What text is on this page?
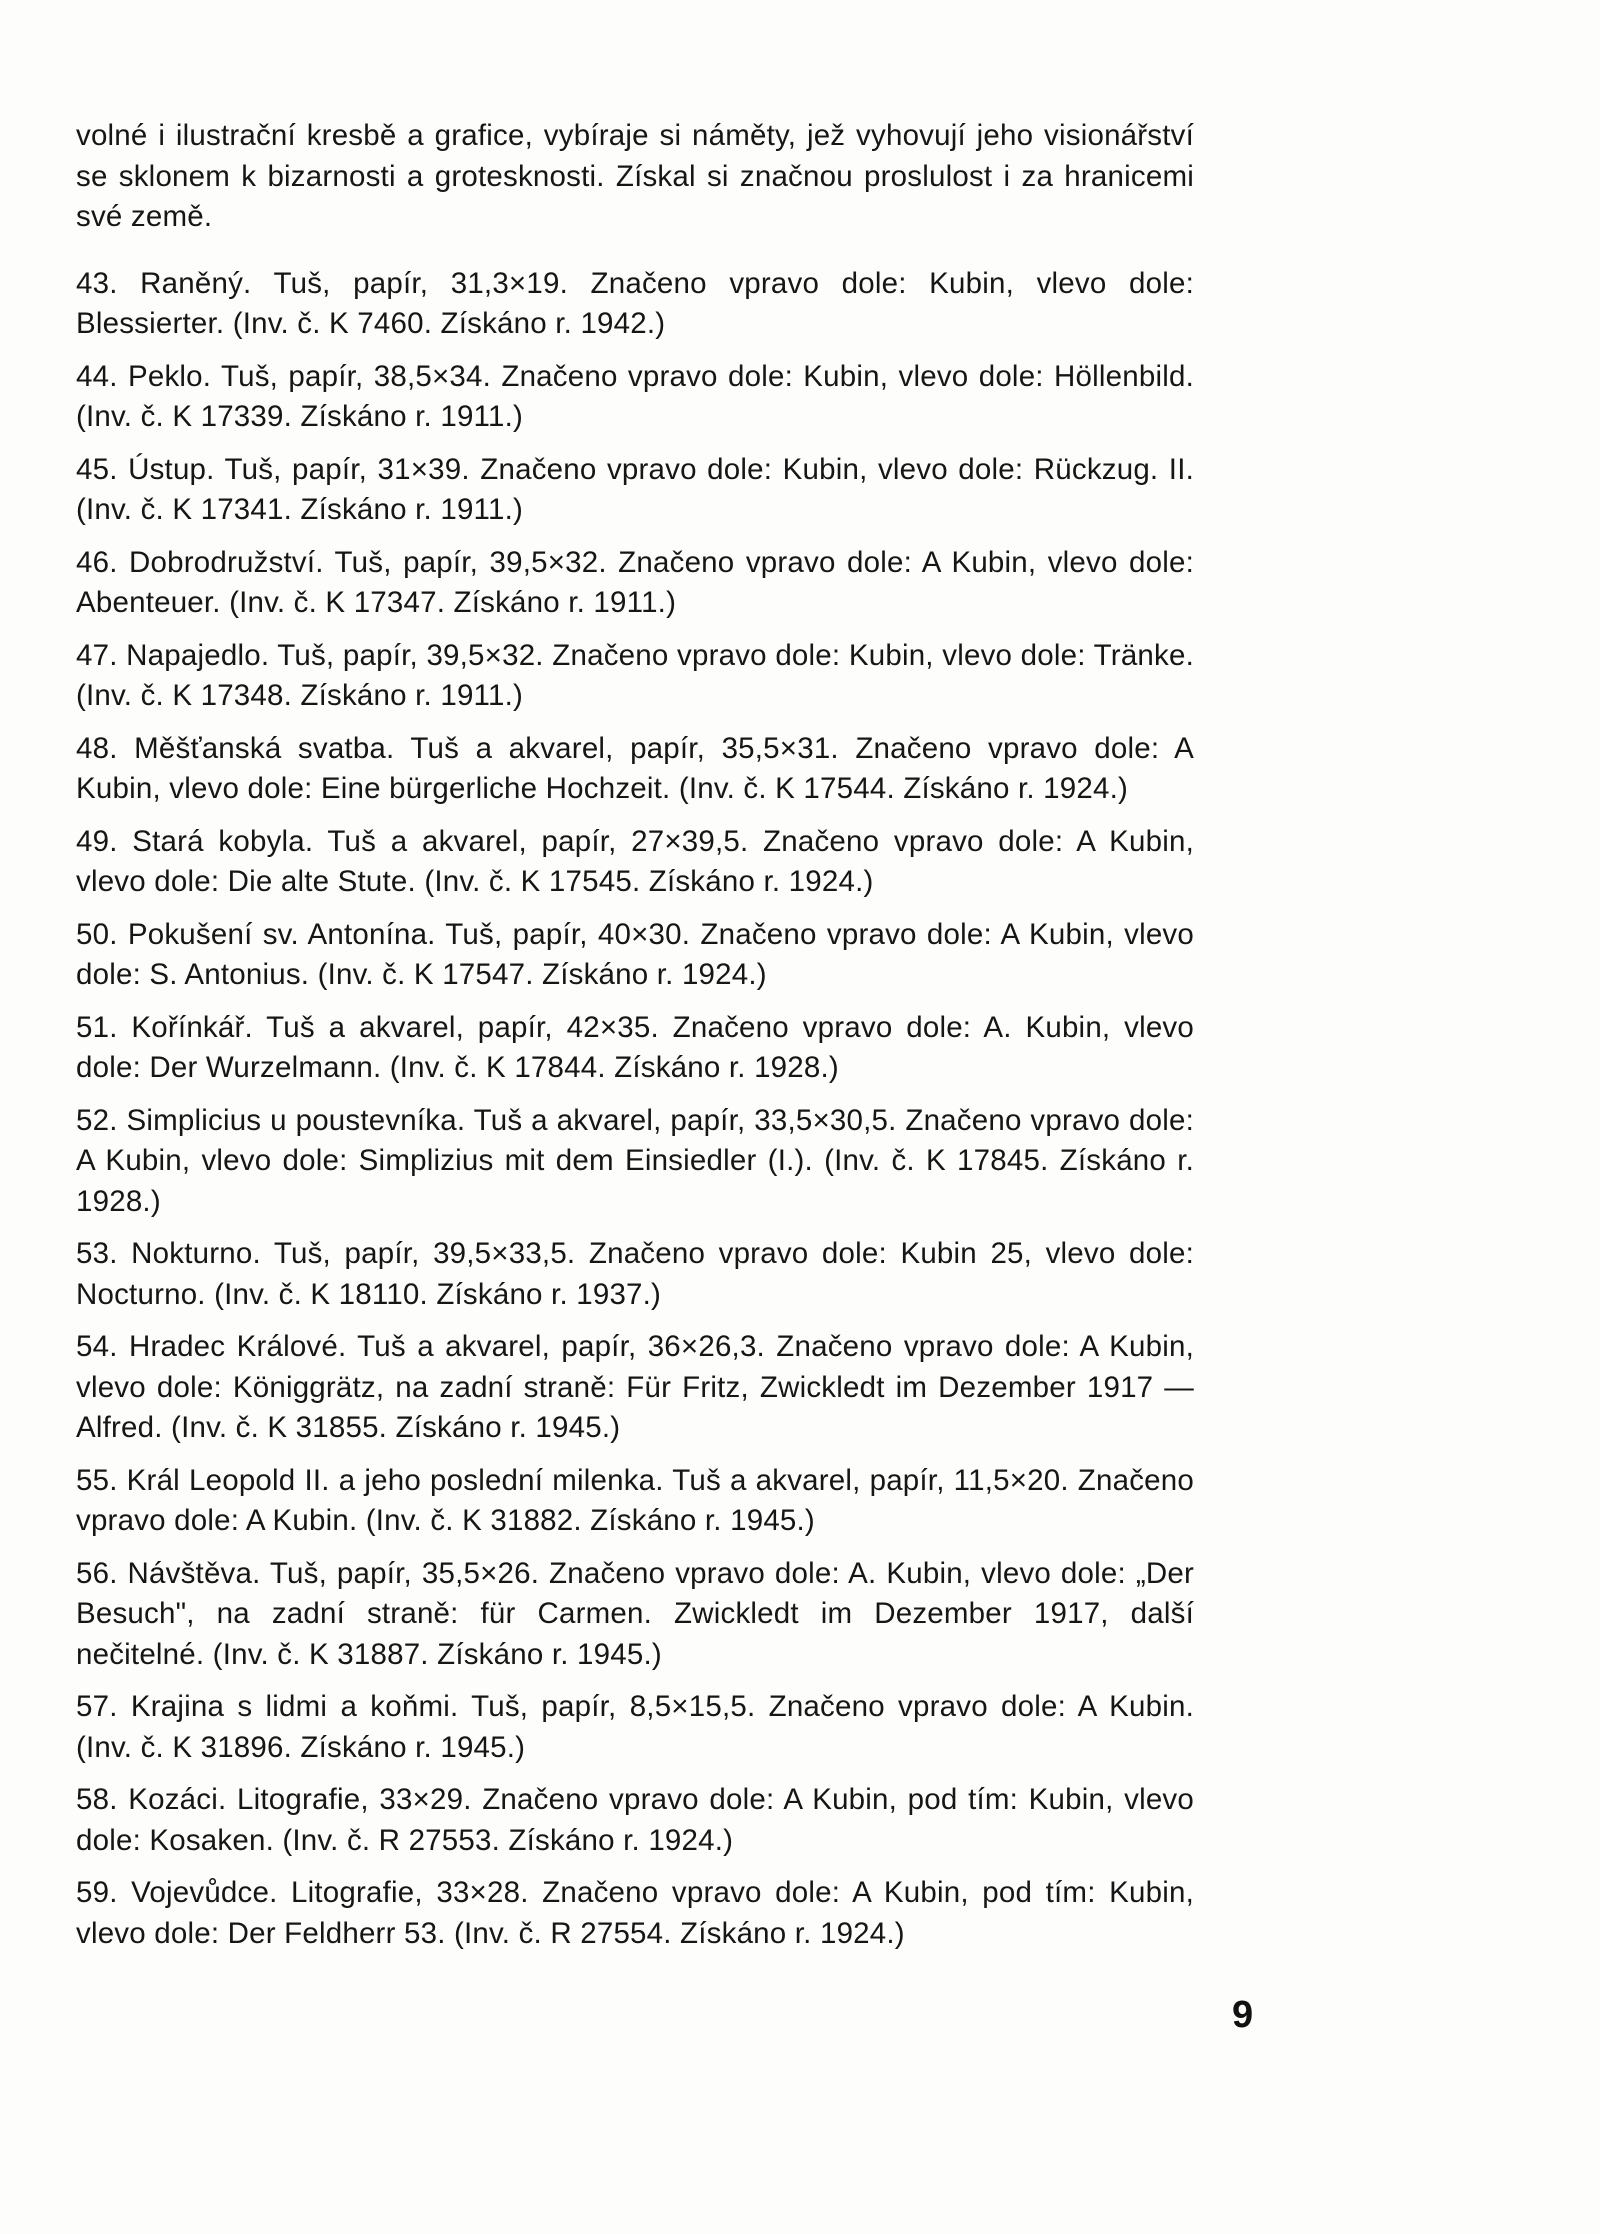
volné i ilustrační kresbě a grafice, vybíraje si náměty, jež vyhovují jeho visionářství se sklonem k bizarnosti a grotesknosti. Získal si značnou proslulost i za hranicemi své země.

43. Raněný. Tuš, papír, 31,3×19. Značeno vpravo dole: Kubin, vlevo dole: Blessierter. (Inv. č. K 7460. Získáno r. 1942.)

44. Peklo. Tuš, papír, 38,5×34. Značeno vpravo dole: Kubin, vlevo dole: Höllenbild. (Inv. č. K 17339. Získáno r. 1911.)

45. Ústup. Tuš, papír, 31×39. Značeno vpravo dole: Kubin, vlevo dole: Rückzug. II. (Inv. č. K 17341. Získáno r. 1911.)

46. Dobrodružství. Tuš, papír, 39,5×32. Značeno vpravo dole: A Kubin, vlevo dole: Abenteuer. (Inv. č. K 17347. Získáno r. 1911.)

47. Napajedlo. Tuš, papír, 39,5×32. Značeno vpravo dole: Kubin, vlevo dole: Tränke. (Inv. č. K 17348. Získáno r. 1911.)

48. Měšťanská svatba. Tuš a akvarel, papír, 35,5×31. Značeno vpravo dole: A Kubin, vlevo dole: Eine bürgerliche Hochzeit. (Inv. č. K 17544. Získáno r. 1924.)

49. Stará kobyla. Tuš a akvarel, papír, 27×39,5. Značeno vpravo dole: A Kubin, vlevo dole: Die alte Stute. (Inv. č. K 17545. Získáno r. 1924.)

50. Pokušení sv. Antonína. Tuš, papír, 40×30. Značeno vpravo dole: A Kubin, vlevo dole: S. Antonius. (Inv. č. K 17547. Získáno r. 1924.)

51. Kořínkář. Tuš a akvarel, papír, 42×35. Značeno vpravo dole: A. Kubin, vlevo dole: Der Wurzelmann. (Inv. č. K 17844. Získáno r. 1928.)

52. Simplicius u poustevníka. Tuš a akvarel, papír, 33,5×30,5. Značeno vpravo dole: A Kubin, vlevo dole: Simplizius mit dem Einsiedler (I.). (Inv. č. K 17845. Získáno r. 1928.)

53. Nokturno. Tuš, papír, 39,5×33,5. Značeno vpravo dole: Kubin 25, vlevo dole: Nocturno. (Inv. č. K 18110. Získáno r. 1937.)

54. Hradec Králové. Tuš a akvarel, papír, 36×26,3. Značeno vpravo dole: A Kubin, vlevo dole: Königgrätz, na zadní straně: Für Fritz, Zwickledt im Dezember 1917 — Alfred. (Inv. č. K 31855. Získáno r. 1945.)

55. Král Leopold II. a jeho poslední milenka. Tuš a akvarel, papír, 11,5×20. Značeno vpravo dole: A Kubin. (Inv. č. K 31882. Získáno r. 1945.)

56. Návštěva. Tuš, papír, 35,5×26. Značeno vpravo dole: A. Kubin, vlevo dole: „Der Besuch", na zadní straně: für Carmen. Zwickledt im Dezember 1917, další nečitelné. (Inv. č. K 31887. Získáno r. 1945.)

57. Krajina s lidmi a koňmi. Tuš, papír, 8,5×15,5. Značeno vpravo dole: A Kubin. (Inv. č. K 31896. Získáno r. 1945.)

58. Kozáci. Litografie, 33×29. Značeno vpravo dole: A Kubin, pod tím: Kubin, vlevo dole: Kosaken. (Inv. č. R 27553. Získáno r. 1924.)

59. Vojevůdce. Litografie, 33×28. Značeno vpravo dole: A Kubin, pod tím: Kubin, vlevo dole: Der Feldherr 53. (Inv. č. R 27554. Získáno r. 1924.)

9
